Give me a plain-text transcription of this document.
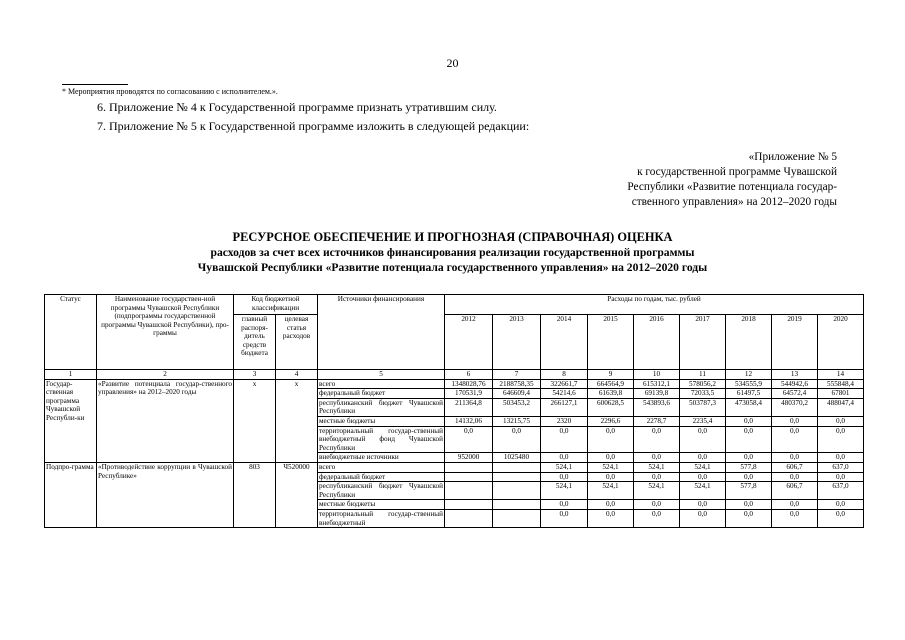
20
* Мероприятия проводятся по согласованию с исполнителем.».
6. Приложение № 4 к Государственной программе признать утратившим силу.
7. Приложение № 5 к Государственной программе изложить в следующей редакции:
«Приложение № 5
к государственной программе Чувашской
Республики «Развитие потенциала государ-
ственного управления» на 2012–2020 годы
РЕСУРСНОЕ ОБЕСПЕЧЕНИЕ И ПРОГНОЗНАЯ (СПРАВОЧНАЯ) ОЦЕНКА
расходов за счет всех источников финансирования реализации государственной программы
Чувашской Республики «Развитие потенциала государственного управления» на 2012–2020 годы
Статус	Наименование государствен-ной программы Чувашской Республики (подпрограммы государственной программы Чувашской Республики), про-граммы	Код бюджетной классификации		Источники финансирования	Расходы по годам, тыс. рублей								
		главный распоря-дитель средств бюджета	целевая статья расходов		2012	2013	2014	2015	2016	2017	2018	2019	2020
1	2	3	4	5	6	7	8	9	10	11	12	13	14
Государ-ственная программа Чувашской Республи-ки	«Развитие потенциала государ-ственного управления» на 2012–2020 годы	x	x	всего	1348028,76	2188758,35	322661,7	664564,9	615312,1	578056,2	534555,9	544942,6	555848,4
				федеральный бюджет	170531,9	646609,4	54214,6	61639,8	69139,8	72033,5	61497,5	64572,4	67801
				республиканский бюджет Чувашской Республики	211364,8	503453,2	266127,1	600628,5	543893,6	503787,3	473058,4	480370,2	488047,4
				местные бюджеты	14132,06	13215,75	2320	2296,6	2278,7	2235,4	0,0	0,0	0,0
				территориальный государ-ственный внебюджетный фонд Чувашской Республики	0,0	0,0	0,0	0,0	0,0	0,0	0,0	0,0	0,0
				внебюджетные источники	952000	1025480	0,0	0,0	0,0	0,0	0,0	0,0	0,0
Подпро-грамма	«Противодействие коррупции в Чувашской Республике»	803	Ч520000	всего			524,1	524,1	524,1	524,1	577,8	606,7	637,0
				федеральный бюджет			0,0	0,0	0,0	0,0	0,0	0,0	0,0
				республиканский бюджет Чувашской Республики			524,1	524,1	524,1	524,1	577,8	606,7	637,0
				местные бюджеты			0,0	0,0	0,0	0,0	0,0	0,0	0,0
				территориальный государ-ственный внебюджетный			0,0	0,0	0,0	0,0	0,0	0,0	0,0
